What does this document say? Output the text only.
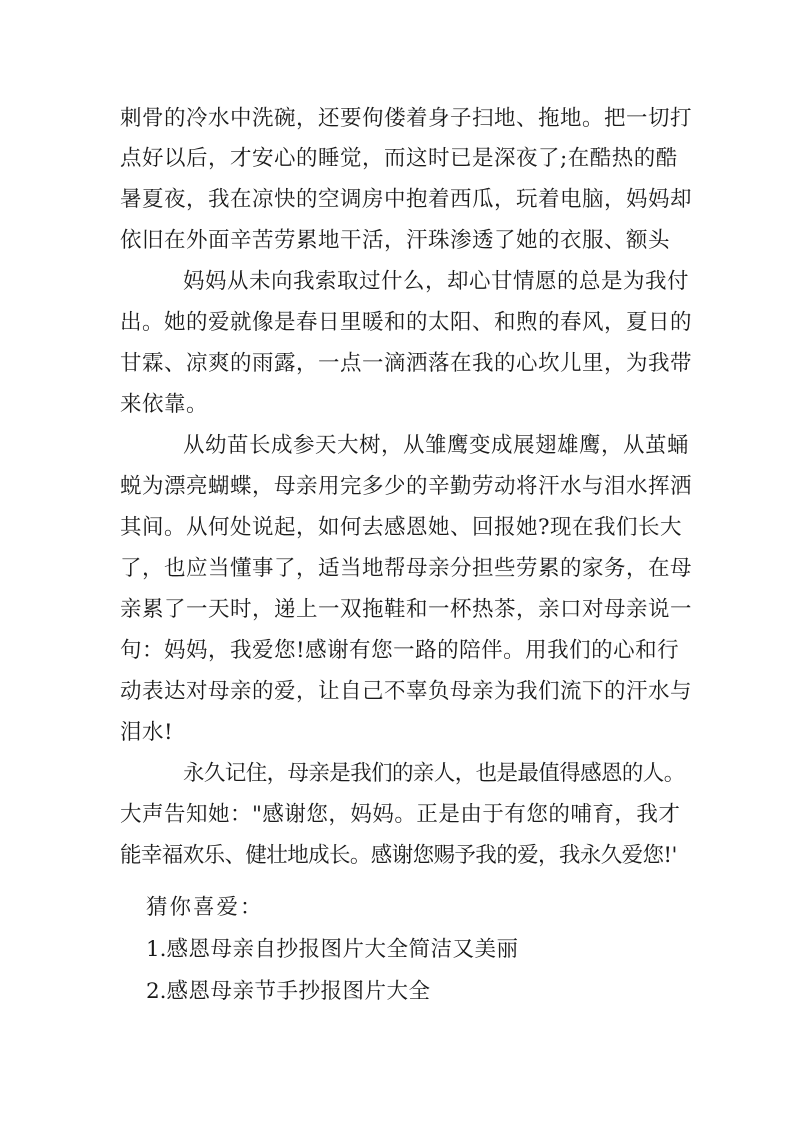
刺骨的冷水中洗碗，还要佝偻着身子扫地、拖地。把一切打
点好以后，才安心的睡觉，而这时已是深夜了;在酷热的酷
暑夏夜，我在凉快的空调房中抱着西瓜，玩着电脑，妈妈却
依旧在外面辛苦劳累地干活，汗珠渗透了她的衣服、额头
妈妈从未向我索取过什么，却心甘情愿的总是为我付
出。她的爱就像是春日里暖和的太阳、和煦的春风，夏日的
甘霖、凉爽的雨露，一点一滴洒落在我的心坎儿里，为我带
来依靠。
从幼苗长成参天大树，从雏鹰变成展翅雄鹰，从茧蛹
蜕为漂亮蝴蝶，母亲用完多少的辛勤劳动将汗水与泪水挥洒
其间。从何处说起，如何去感恩她、回报她?现在我们长大
了，也应当懂事了，适当地帮母亲分担些劳累的家务，在母
亲累了一天时，递上一双拖鞋和一杯热茶，亲口对母亲说一
句：妈妈，我爱您!感谢有您一路的陪伴。用我们的心和行
动表达对母亲的爱，让自己不辜负母亲为我们流下的汗水与
泪水!
永久记住，母亲是我们的亲人，也是最值得感恩的人。
大声告知她："感谢您，妈妈。正是由于有您的哺育，我才
能幸福欢乐、健壮地成长。感谢您赐予我的爱，我永久爱您!'
猜你喜爱：
1.感恩母亲自抄报图片大全简洁又美丽
2.感恩母亲节手抄报图片大全
